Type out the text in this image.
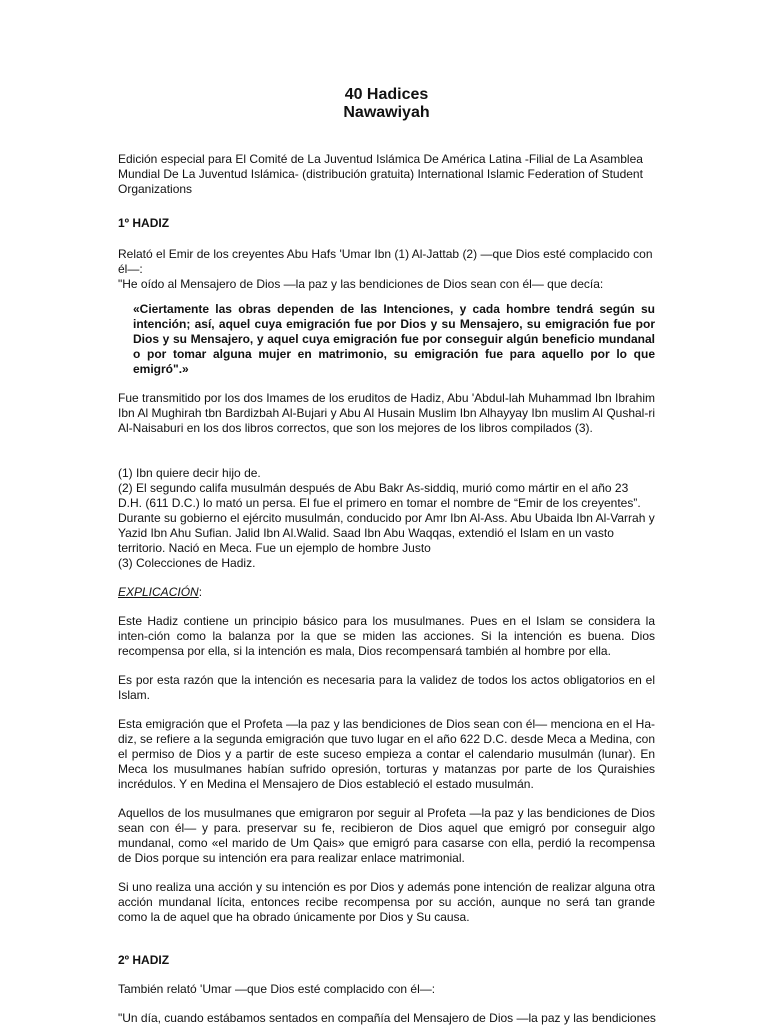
40 Hadices

Nawawiyah

Edición especial para El Comité de La Juventud Islámica De América Latina -Filial de La Asamblea Mundial De La Juventud Islámica- (distribución gratuita) International Islamic Federation of Student Organizations

1º HADIZ

Relató el Emir de los creyentes Abu Hafs 'Umar Ibn (1) Al-Jattab (2) —que Dios esté complacido con él—:

"He oído al Mensajero de Dios —la paz y las bendiciones de Dios sean con él— que decía:

«Ciertamente las obras dependen de las Intenciones, y cada hombre tendrá según su intención; así, aquel cuya emigración fue por Dios y su Mensajero, su emigración fue por Dios y su Mensajero, y aquel cuya emigración fue por conseguir algún beneficio mundanal o por tomar alguna mujer en matrimonio, su emigración fue para aquello por lo que emigró".»

Fue transmitido por los dos Imames de los eruditos de Hadiz, Abu 'Abdul-lah Muhammad Ibn Ibrahim Ibn Al Mughirah tbn Bardizbah Al-Bujari y Abu Al Husain Muslim Ibn Alhayyay Ibn muslim Al Qushal-ri Al-Naisaburi en los dos libros correctos, que son los mejores de los libros compilados (3).

(1) Ibn quiere decir hijo de.

(2) El segundo califa musulmán después de Abu Bakr As-siddiq, murió como mártir en el año 23 D.H. (611 D.C.) lo mató un persa. El fue el primero en tomar el nombre de “Emir de los creyentes”. Durante su gobierno el ejército musulmán, conducido por Amr Ibn Al-Ass. Abu Ubaida Ibn Al-Varrah y Yazid Ibn Ahu Sufian. Jalid Ibn Al.Walid. Saad Ibn Abu Waqqas, extendió el Islam en un vasto territorio. Nació en Meca. Fue un ejemplo de hombre Justo

(3) Colecciones de Hadiz.

EXPLICACIÓN:

Este Hadiz contiene un principio básico para los musulmanes. Pues en el Islam se considera la inten-ción como la balanza por la que se miden las acciones. Si la intención es buena. Dios recompensa por ella, si la intención es mala, Dios recompensará también al hombre por ella.

Es por esta razón que la intención es necesaria para la validez de todos los actos obligatorios en el Islam.

Esta emigración que el Profeta —la paz y las bendiciones de Dios sean con él— menciona en el Ha-diz, se refiere a la segunda emigración que tuvo lugar en el año 622 D.C. desde Meca a Medina, con el permiso de Dios y a partir de este suceso empieza a contar el calendario musulmán (lunar). En Meca los musulmanes habían sufrido opresión, torturas y matanzas por parte de los Quraishies incrédulos. Y en Medina el Mensajero de Dios estableció el estado musulmán.

Aquellos de los musulmanes que emigraron por seguir al Profeta —la paz y las bendiciones de Dios sean con él— y para. preservar su fe, recibieron de Dios aquel que emigró por conseguir algo mundanal, como «el marido de Um Qais» que emigró para casarse con ella, perdió la recompensa de Dios porque su intención era para realizar enlace matrimonial.

Si uno realiza una acción y su intención es por Dios y además pone intención de realizar alguna otra acción mundanal lícita, entonces recibe recompensa por su acción, aunque no será tan grande como la de aquel que ha obrado únicamente por Dios y Su causa.

2º HADIZ

También relató 'Umar —que Dios esté complacido con él—:

"Un día, cuando estábamos sentados en compañía del Mensajero de Dios —la paz y las bendiciones
